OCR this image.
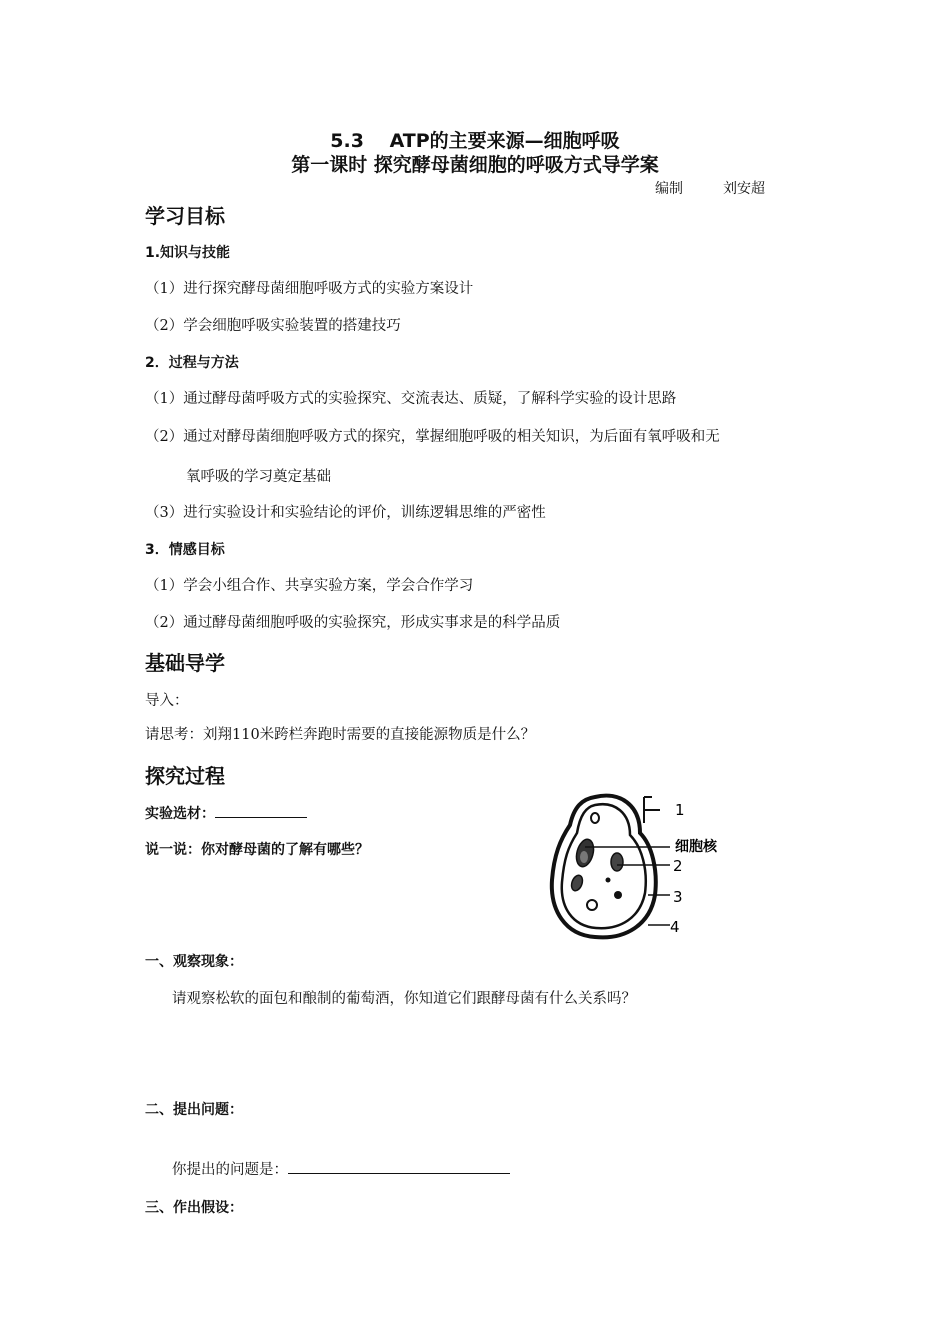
5.3　 ATP的主要来源—细胞呼吸
第一课时 探究酵母菌细胞的呼吸方式导学案
编制	刘安超
学习目标
1.知识与技能
（1）进行探究酵母菌细胞呼吸方式的实验方案设计
（2）学会细胞呼吸实验装置的搭建技巧
2．过程与方法
（1）通过酵母菌呼吸方式的实验探究、交流表达、质疑，了解科学实验的设计思路
（2）通过对酵母菌细胞呼吸方式的探究，掌握细胞呼吸的相关知识，为后面有氧呼吸和无
氧呼吸的学习奠定基础
（3）进行实验设计和实验结论的评价，训练逻辑思维的严密性
3．情感目标
（1）学会小组合作、共享实验方案，学会合作学习
（2）通过酵母菌细胞呼吸的实验探究，形成实事求是的科学品质
基础导学
导入：
请思考：刘翔110米跨栏奔跑时需要的直接能源物质是什么？
探究过程
实验选材：
说一说：你对酵母菌的了解有哪些？
1
细胞核
2
3
4
一、观察现象：
请观察松软的面包和酿制的葡萄酒，你知道它们跟酵母菌有什么关系吗？
二、提出问题：
你提出的问题是：
三、作出假设：
